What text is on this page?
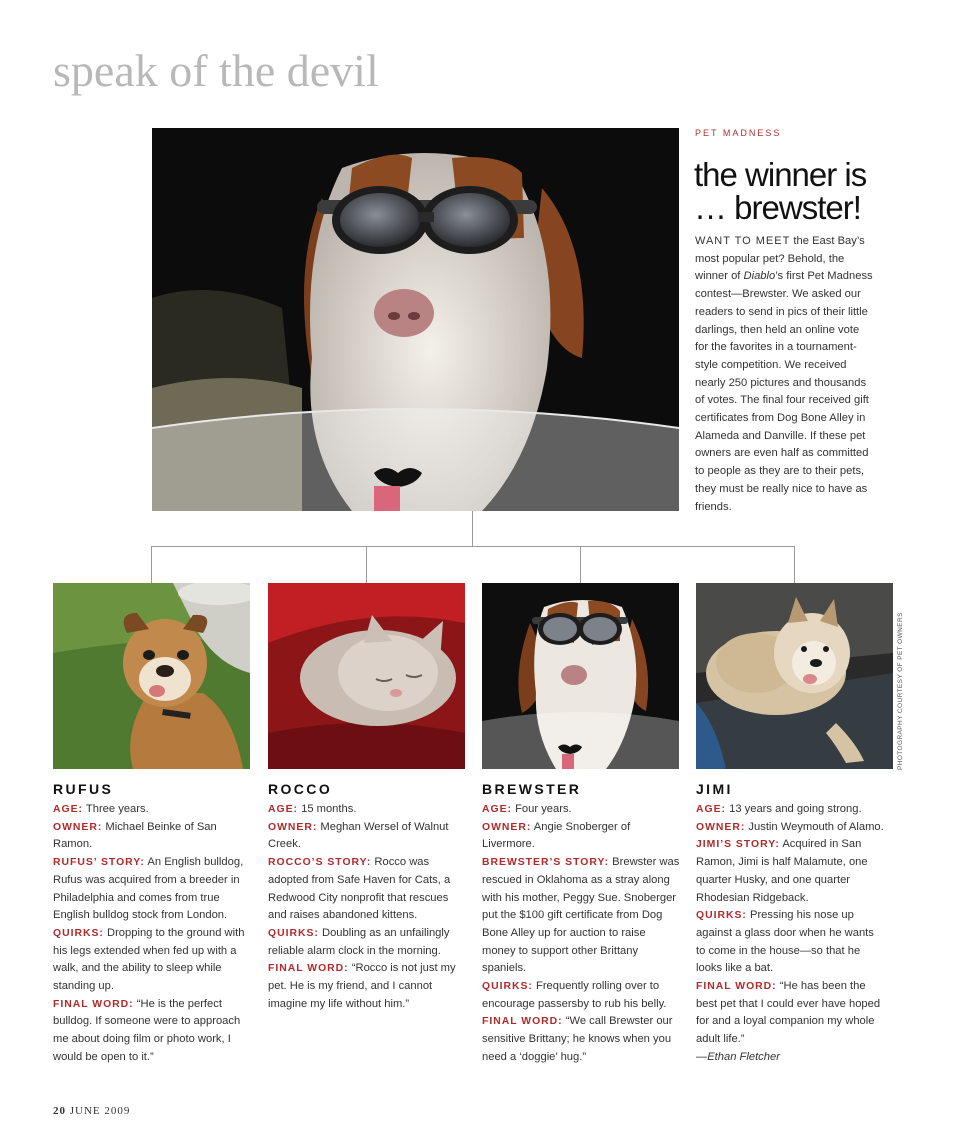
speak of the devil
PET MADNESS
the winner is
… brewster!
WANT TO MEET the East Bay’s most popular pet? Behold, the winner of Diablo’s first Pet Madness contest—Brewster. We asked our readers to send in pics of their little darlings, then held an online vote for the favorites in a tournament-style competition. We received nearly 250 pictures and thousands of votes. The final four received gift certificates from Dog Bone Alley in Alameda and Danville. If these pet owners are even half as committed to people as they are to their pets, they must be really nice to have as friends.
PHOTOGRAPHY COURTESY OF PET OWNERS
RUFUS

AGE: Three years.

OWNER: Michael Beinke of San Ramon.

RUFUS’ STORY: An English bulldog, Rufus was acquired from a breeder in Philadelphia and comes from true English bulldog stock from London.

QUIRKS: Dropping to the ground with his legs extended when fed up with a walk, and the ability to sleep while standing up.

FINAL WORD: “He is the perfect bulldog. If someone were to approach me about doing film or photo work, I would be open to it.”

ROCCO

AGE: 15 months.

OWNER: Meghan Wersel of Walnut Creek.

ROCCO’S STORY: Rocco was adopted from Safe Haven for Cats, a Redwood City nonprofit that rescues and raises abandoned kittens.

QUIRKS: Doubling as an unfailingly reliable alarm clock in the morning.

FINAL WORD: “Rocco is not just my pet. He is my friend, and I cannot imagine my life without him.”

BREWSTER

AGE: Four years.

OWNER: Angie Snoberger of Livermore.

BREWSTER’S STORY: Brewster was rescued in Oklahoma as a stray along with his mother, Peggy Sue. Snoberger put the $100 gift certificate from Dog Bone Alley up for auction to raise money to support other Brittany spaniels.

QUIRKS: Frequently rolling over to encourage passersby to rub his belly.

FINAL WORD: “We call Brewster our sensitive Brittany; he knows when you need a ‘doggie’ hug.”

JIMI

AGE: 13 years and going strong.

OWNER: Justin Weymouth of Alamo.

JIMI’S STORY: Acquired in San Ramon, Jimi is half Malamute, one quarter Husky, and one quarter Rhodesian Ridgeback.

QUIRKS: Pressing his nose up against a glass door when he wants to come in the house—so that he looks like a bat.

FINAL WORD: “He has been the best pet that I could ever have hoped for and a loyal companion my whole adult life.”

—Ethan Fletcher

20 JUNE 2009
